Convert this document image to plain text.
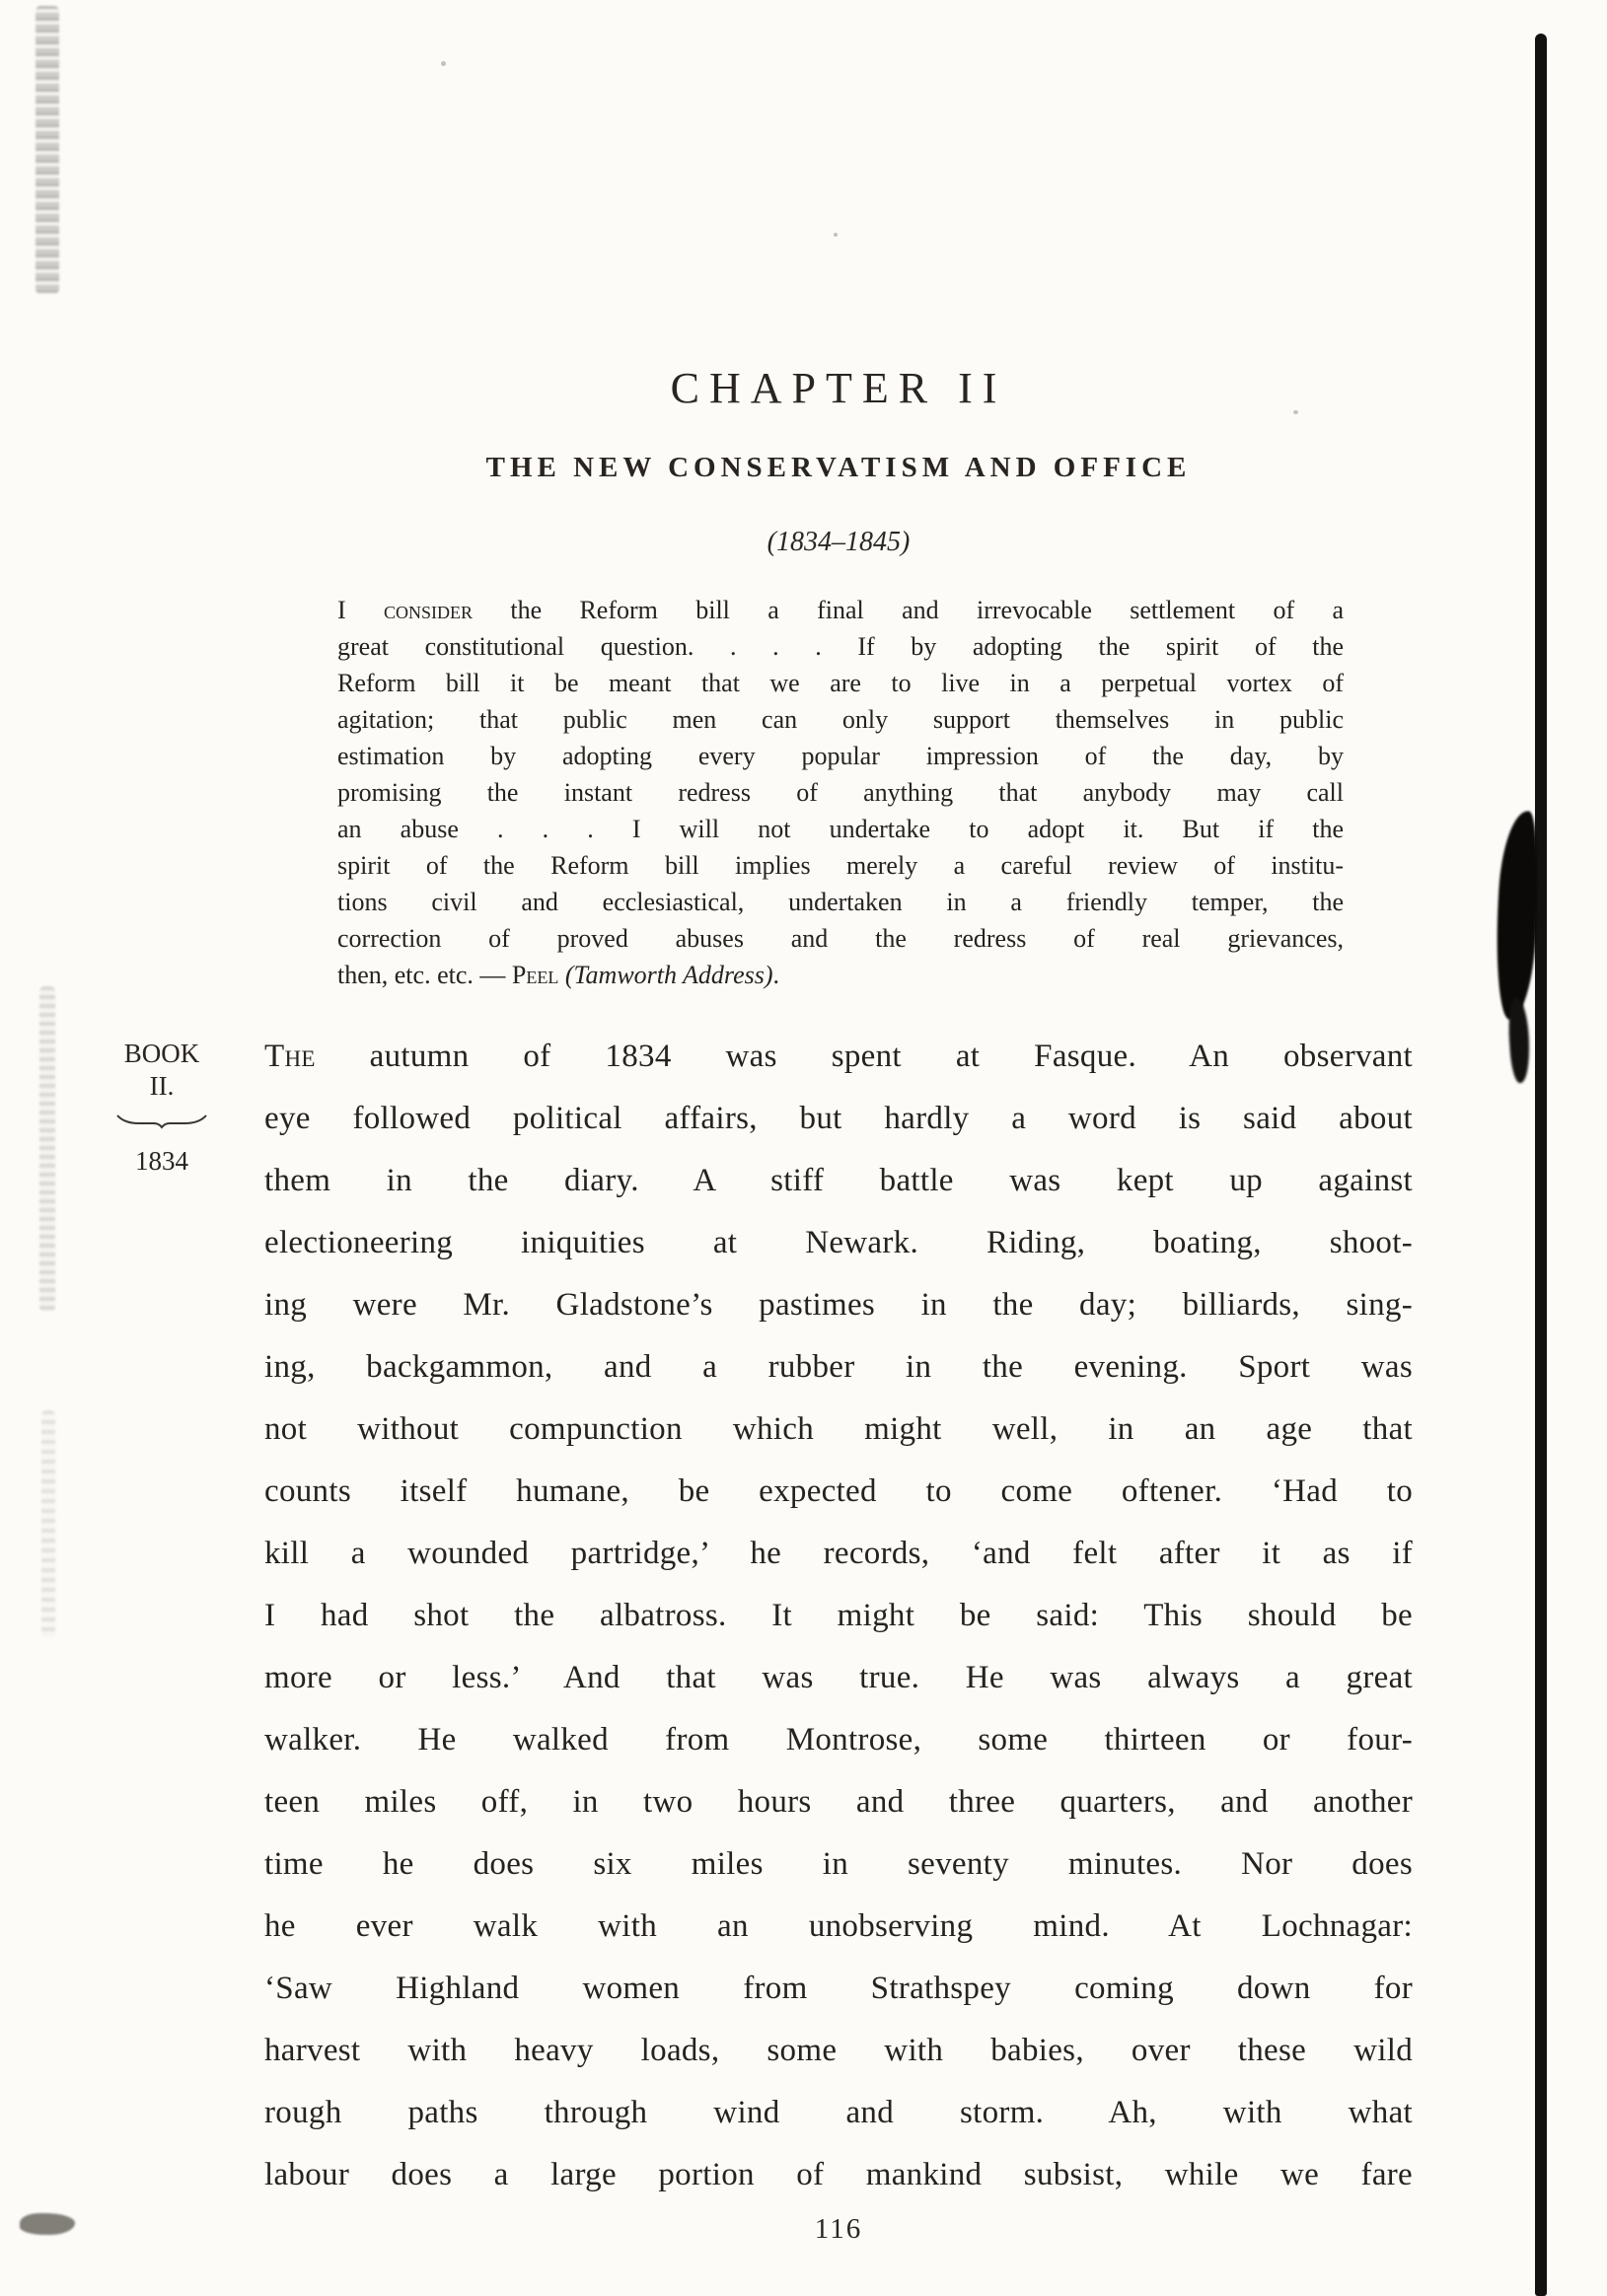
CHAPTER II
THE NEW CONSERVATISM AND OFFICE
(1834–1845)
I consider the Reform bill a final and irrevocable settlement of a
great constitutional question. . . . If by adopting the spirit of the
Reform bill it be meant that we are to live in a perpetual vortex of
agitation; that public men can only support themselves in public
estimation by adopting every popular impression of the day, by
promising the instant redress of anything that anybody may call
an abuse . . . I will not undertake to adopt it. But if the
spirit of the Reform bill implies merely a careful review of institu-
tions civil and ecclesiastical, undertaken in a friendly temper, the
correction of proved abuses and the redress of real grievances,
then, etc. etc. — Peel (Tamworth Address).
BOOK
II.
1834
The autumn of 1834 was spent at Fasque. An observant
eye followed political affairs, but hardly a word is said about
them in the diary. A stiff battle was kept up against
electioneering iniquities at Newark. Riding, boating, shoot-
ing were Mr. Gladstone’s pastimes in the day; billiards, sing-
ing, backgammon, and a rubber in the evening. Sport was
not without compunction which might well, in an age that
counts itself humane, be expected to come oftener. ‘Had to
kill a wounded partridge,’ he records, ‘and felt after it as if
I had shot the albatross. It might be said: This should be
more or less.’ And that was true. He was always a great
walker. He walked from Montrose, some thirteen or four-
teen miles off, in two hours and three quarters, and another
time he does six miles in seventy minutes. Nor does
he ever walk with an unobserving mind. At Lochnagar:
‘Saw Highland women from Strathspey coming down for
harvest with heavy loads, some with babies, over these wild
rough paths through wind and storm. Ah, with what
labour does a large portion of mankind subsist, while we fare
116
